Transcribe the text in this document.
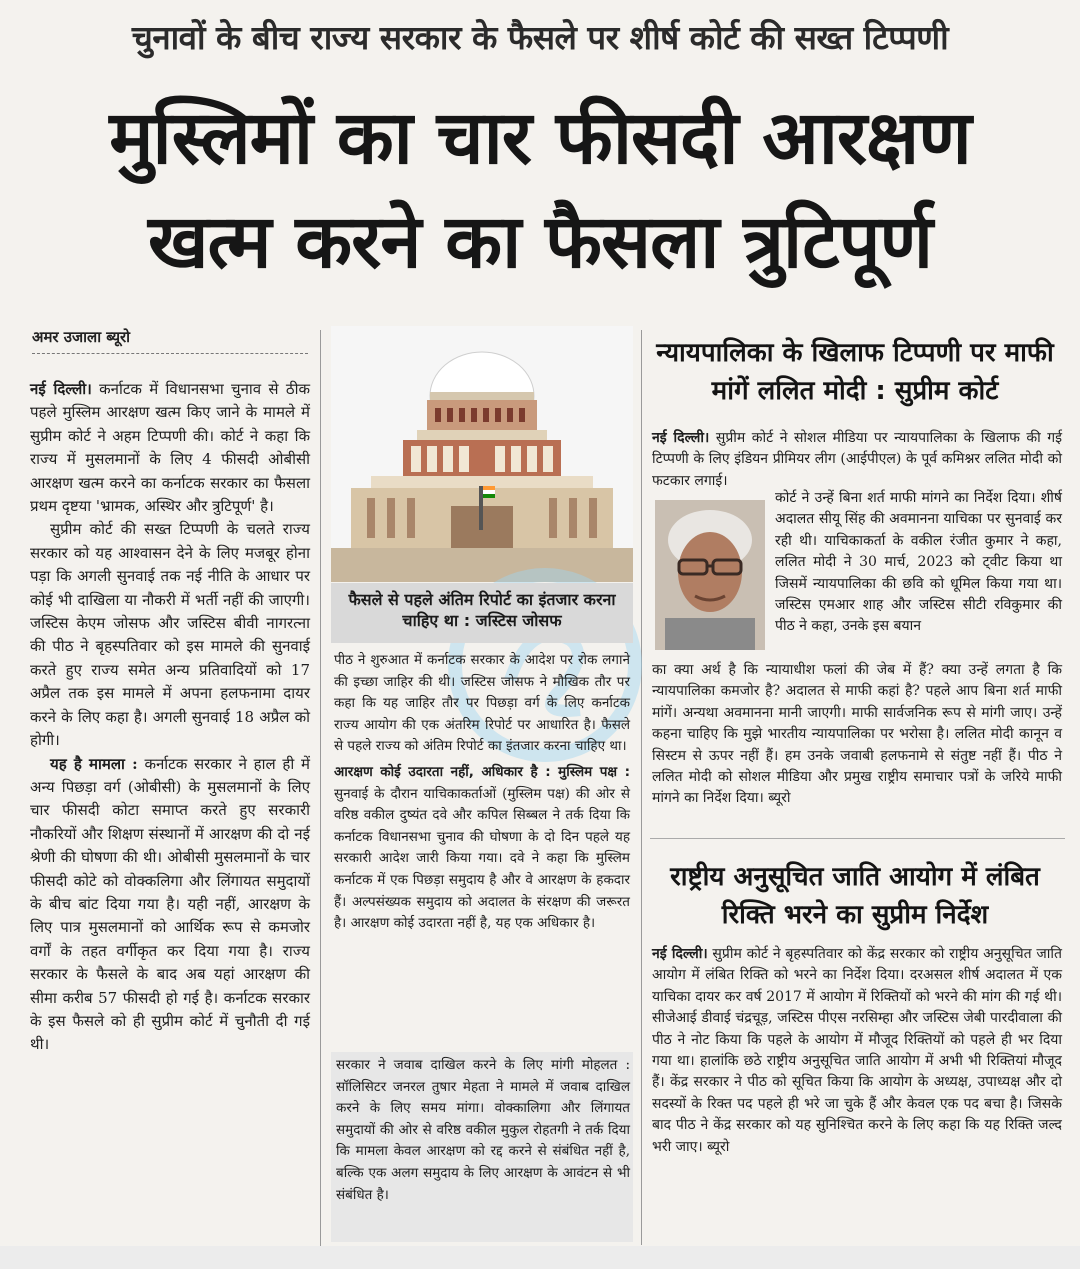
चुनावों के बीच राज्य सरकार के फैसले पर शीर्ष कोर्ट की सख्त टिप्पणी
मुस्लिमों का चार फीसदी आरक्षण
खत्म करने का फैसला त्रुटिपूर्ण
अमर उजाला ब्यूरो

नई दिल्ली। कर्नाटक में विधानसभा चुनाव से ठीक पहले मुस्लिम आरक्षण खत्म किए जाने के मामले में सुप्रीम कोर्ट ने अहम टिप्पणी की। कोर्ट ने कहा कि राज्य में मुसलमानों के लिए 4 फीसदी ओबीसी आरक्षण खत्म करने का कर्नाटक सरकार का फैसला प्रथम दृष्टया 'भ्रामक, अस्थिर और त्रुटिपूर्ण' है।

सुप्रीम कोर्ट की सख्त टिप्पणी के चलते राज्य सरकार को यह आश्वासन देने के लिए मजबूर होना पड़ा कि अगली सुनवाई तक नई नीति के आधार पर कोई भी दाखिला या नौकरी में भर्ती नहीं की जाएगी। जस्टिस केएम जोसफ और जस्टिस बीवी नागरत्ना की पीठ ने बृहस्पतिवार को इस मामले की सुनवाई करते हुए राज्य समेत अन्य प्रतिवादियों को 17 अप्रैल तक इस मामले में अपना हलफनामा दायर करने के लिए कहा है। अगली सुनवाई 18 अप्रैल को होगी।

यह है मामला : कर्नाटक सरकार ने हाल ही में अन्य पिछड़ा वर्ग (ओबीसी) के मुसलमानों के लिए चार फीसदी कोटा समाप्त करते हुए सरकारी नौकरियों और शिक्षण संस्थानों में आरक्षण की दो नई श्रेणी की घोषणा की थी। ओबीसी मुसलमानों के चार फीसदी कोटे को वोक्कलिगा और लिंगायत समुदायों के बीच बांट दिया गया है। यही नहीं, आरक्षण के लिए पात्र मुसलमानों को आर्थिक रूप से कमजोर वर्गों के तहत वर्गीकृत कर दिया गया है। राज्य सरकार के फैसले के बाद अब यहां आरक्षण की सीमा करीब 57 फीसदी हो गई है। कर्नाटक सरकार के इस फैसले को ही सुप्रीम कोर्ट में चुनौती दी गई थी।

फैसले से पहले अंतिम रिपोर्ट का इंतजार करना चाहिए था : जस्टिस जोसफ

पीठ ने शुरुआत में कर्नाटक सरकार के आदेश पर रोक लगाने की इच्छा जाहिर की थी। जस्टिस जोसफ ने मौखिक तौर पर कहा कि यह जाहिर तौर पर पिछड़ा वर्ग के लिए कर्नाटक राज्य आयोग की एक अंतरिम रिपोर्ट पर आधारित है। फैसले से पहले राज्य को अंतिम रिपोर्ट का इंतजार करना चाहिए था।

आरक्षण कोई उदारता नहीं, अधिकार है : मुस्लिम पक्ष : सुनवाई के दौरान याचिकाकर्ताओं (मुस्लिम पक्ष) की ओर से वरिष्ठ वकील दुष्यंत दवे और कपिल सिब्बल ने तर्क दिया कि कर्नाटक विधानसभा चुनाव की घोषणा के दो दिन पहले यह सरकारी आदेश जारी किया गया। दवे ने कहा कि मुस्लिम कर्नाटक में एक पिछड़ा समुदाय है और वे आरक्षण के हकदार हैं। अल्पसंख्यक समुदाय को अदालत के संरक्षण की जरूरत है। आरक्षण कोई उदारता नहीं है, यह एक अधिकार है।

सरकार ने जवाब दाखिल करने के लिए मांगी मोहलत : सॉलिसिटर जनरल तुषार मेहता ने मामले में जवाब दाखिल करने के लिए समय मांगा। वोक्कालिगा और लिंगायत समुदायों की ओर से वरिष्ठ वकील मुकुल रोहतगी ने तर्क दिया कि मामला केवल आरक्षण को रद्द करने से संबंधित नहीं है, बल्कि एक अलग समुदाय के लिए आरक्षण के आवंटन से भी संबंधित है।

न्यायपालिका के खिलाफ टिप्पणी पर माफी मांगें ललित मोदी : सुप्रीम कोर्ट

नई दिल्ली। सुप्रीम कोर्ट ने सोशल मीडिया पर न्यायपालिका के खिलाफ की गई टिप्पणी के लिए इंडियन प्रीमियर लीग (आईपीएल) के पूर्व कमिश्नर ललित मोदी को फटकार लगाई।

कोर्ट ने उन्हें बिना शर्त माफी मांगने का निर्देश दिया। शीर्ष अदालत सीयू सिंह की अवमानना याचिका पर सुनवाई कर रही थी। याचिकाकर्ता के वकील रंजीत कुमार ने कहा, ललित मोदी ने 30 मार्च, 2023 को ट्वीट किया था जिसमें न्यायपालिका की छवि को धूमिल किया गया था। जस्टिस एमआर शाह और जस्टिस सीटी रविकुमार की पीठ ने कहा, उनके इस बयान

का क्या अर्थ है कि न्यायाधीश फलां की जेब में हैं? क्या उन्हें लगता है कि न्यायपालिका कमजोर है? अदालत से माफी कहां है? पहले आप बिना शर्त माफी मांगें। अन्यथा अवमानना मानी जाएगी। माफी सार्वजनिक रूप से मांगी जाए। उन्हें कहना चाहिए कि मुझे भारतीय न्यायपालिका पर भरोसा है। ललित मोदी कानून व सिस्टम से ऊपर नहीं हैं। हम उनके जवाबी हलफनामे से संतुष्ट नहीं हैं। पीठ ने ललित मोदी को सोशल मीडिया और प्रमुख राष्ट्रीय समाचार पत्रों के जरिये माफी मांगने का निर्देश दिया। ब्यूरो

राष्ट्रीय अनुसूचित जाति आयोग में लंबित रिक्ति भरने का सुप्रीम निर्देश

नई दिल्ली। सुप्रीम कोर्ट ने बृहस्पतिवार को केंद्र सरकार को राष्ट्रीय अनुसूचित जाति आयोग में लंबित रिक्ति को भरने का निर्देश दिया। दरअसल शीर्ष अदालत में एक याचिका दायर कर वर्ष 2017 में आयोग में रिक्तियों को भरने की मांग की गई थी। सीजेआई डीवाई चंद्रचूड़, जस्टिस पीएस नरसिम्हा और जस्टिस जेबी पारदीवाला की पीठ ने नोट किया कि पहले के आयोग में मौजूद रिक्तियों को पहले ही भर दिया गया था। हालांकि छठे राष्ट्रीय अनुसूचित जाति आयोग में अभी भी रिक्तियां मौजूद हैं। केंद्र सरकार ने पीठ को सूचित किया कि आयोग के अध्यक्ष, उपाध्यक्ष और दो सदस्यों के रिक्त पद पहले ही भरे जा चुके हैं और केवल एक पद बचा है। जिसके बाद पीठ ने केंद्र सरकार को यह सुनिश्चित करने के लिए कहा कि यह रिक्ति जल्द भरी जाए। ब्यूरो
